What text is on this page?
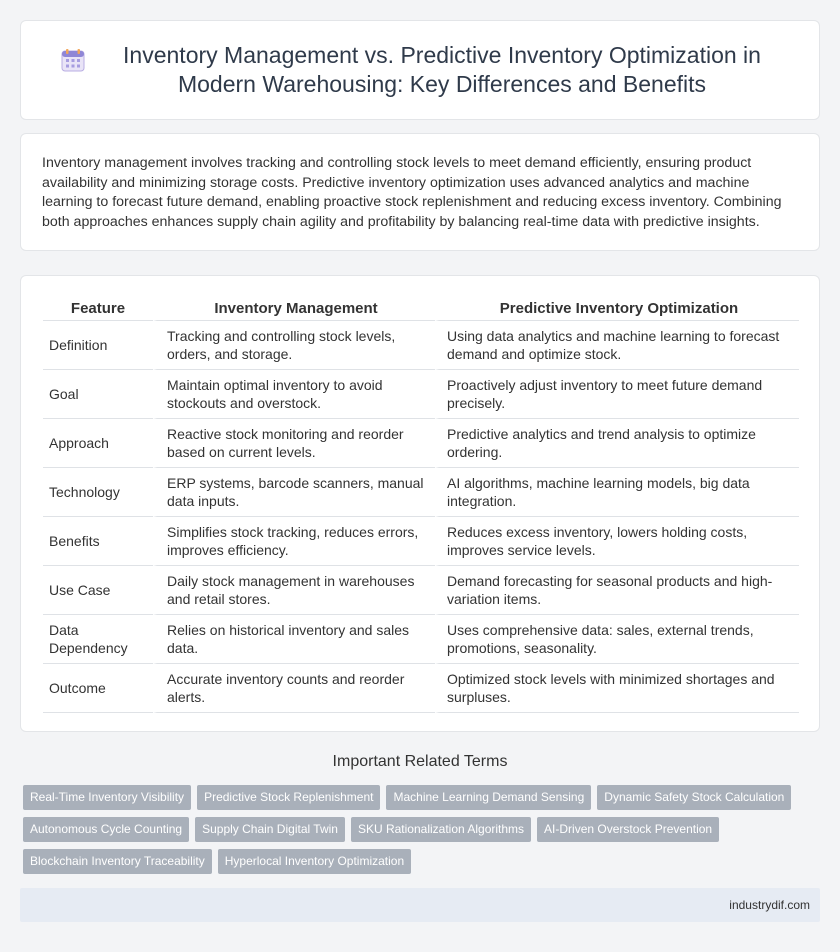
Inventory Management vs. Predictive Inventory Optimization in Modern Warehousing: Key Differences and Benefits

Inventory management involves tracking and controlling stock levels to meet demand efficiently, ensuring product availability and minimizing storage costs. Predictive inventory optimization uses advanced analytics and machine learning to forecast future demand, enabling proactive stock replenishment and reducing excess inventory. Combining both approaches enhances supply chain agility and profitability by balancing real-time data with predictive insights.

Feature	Inventory Management	Predictive Inventory Optimization
Definition	Tracking and controlling stock levels, orders, and storage.	Using data analytics and machine learning to forecast demand and optimize stock.
Goal	Maintain optimal inventory to avoid stockouts and overstock.	Proactively adjust inventory to meet future demand precisely.
Approach	Reactive stock monitoring and reorder based on current levels.	Predictive analytics and trend analysis to optimize ordering.
Technology	ERP systems, barcode scanners, manual data inputs.	AI algorithms, machine learning models, big data integration.
Benefits	Simplifies stock tracking, reduces errors, improves efficiency.	Reduces excess inventory, lowers holding costs, improves service levels.
Use Case	Daily stock management in warehouses and retail stores.	Demand forecasting for seasonal products and high-variation items.
Data Dependency	Relies on historical inventory and sales data.	Uses comprehensive data: sales, external trends, promotions, seasonality.
Outcome	Accurate inventory counts and reorder alerts.	Optimized stock levels with minimized shortages and surpluses.
Important Related Terms
Real-Time Inventory Visibility	Predictive Stock Replenishment	Machine Learning Demand Sensing	Dynamic Safety Stock Calculation
Autonomous Cycle Counting	Supply Chain Digital Twin	SKU Rationalization Algorithms	AI-Driven Overstock Prevention
Blockchain Inventory Traceability	Hyperlocal Inventory Optimization
industrydif.com
